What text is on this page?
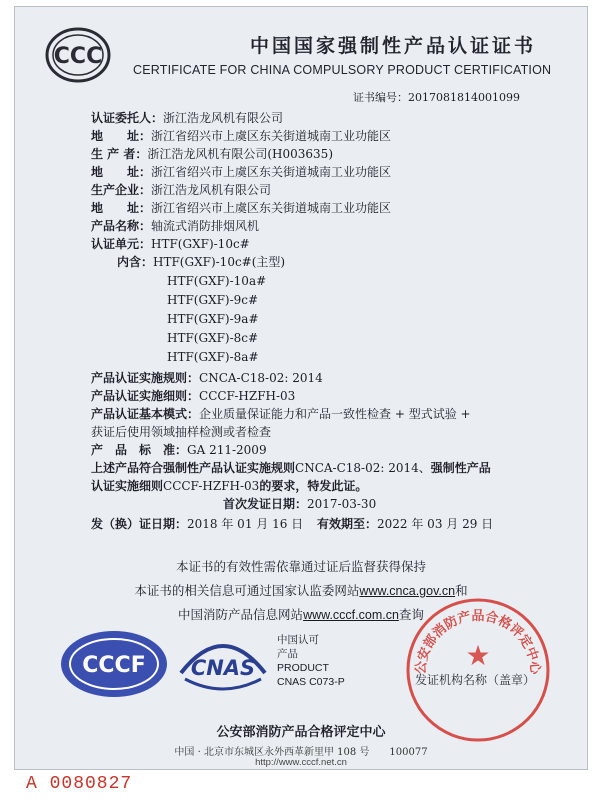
CCC	中国国家强制性产品认证证书
CERTIFICATE FOR CHINA COMPULSORY PRODUCT CERTIFICATION
证书编号：2017081814001099
认证委托人：浙江浩龙风机有限公司
地　　址：浙江省绍兴市上虞区东关街道城南工业功能区
生 产 者：浙江浩龙风机有限公司(H003635)
地　　址：浙江省绍兴市上虞区东关街道城南工业功能区
生产企业：浙江浩龙风机有限公司
地　　址：浙江省绍兴市上虞区东关街道城南工业功能区
产品名称：轴流式消防排烟风机
认证单元：HTF(GXF)-10c#
内含：HTF(GXF)-10c#(主型)
HTF(GXF)-10a#
HTF(GXF)-9c#
HTF(GXF)-9a#
HTF(GXF)-8c#
HTF(GXF)-8a#
产品认证实施规则：CNCA-C18-02: 2014
产品认证实施细则：CCCF-HZFH-03
产品认证基本模式：企业质量保证能力和产品一致性检查 + 型式试验 +
获证后使用领域抽样检测或者检查
产　品　标　准：GA 211-2009
上述产品符合强制性产品认证实施规则CNCA-C18-02: 2014、强制性产品
认证实施细则CCCF-HZFH-03的要求，特发此证。
首次发证日期：2017-03-30
发（换）证日期：2018 年 01 月 16 日 有效期至：2022 年 03 月 29 日
本证书的有效性需依靠通过证后监督获得保持
本证书的相关信息可通过国家认监委网站www.cnca.gov.cn和
中国消防产品信息网站www.cccf.com.cn查询
CCCF CNAS
中国认可
产品
PRODUCT
CNAS C073-P
公安部消防产品合格评定中心
★
发证机构名称（盖章）
公安部消防产品合格评定中心
中国 · 北京市东城区永外西革新里甲 108 号　　100077
http://www.cccf.net.cn
A 0080827
